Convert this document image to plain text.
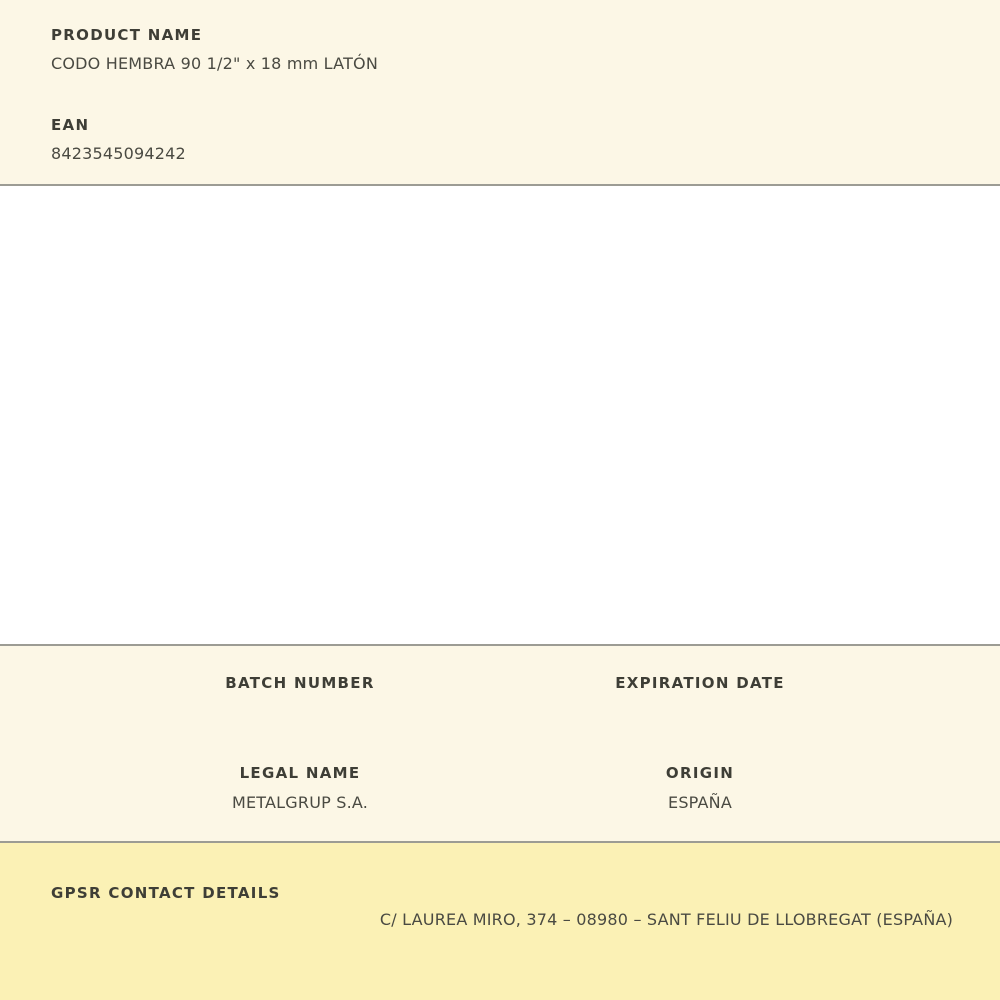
PRODUCT NAME
CODO HEMBRA 90 1/2" x 18 mm LATÓN
EAN
8423545094242
BATCH NUMBER	EXPIRATION DATE
LEGAL NAME	ORIGIN
METALGRUP S.A.	ESPAÑA
GPSR CONTACT DETAILS
C/ LAUREA MIRO, 374 – 08980 – SANT FELIU DE LLOBREGAT (ESPAÑA)
